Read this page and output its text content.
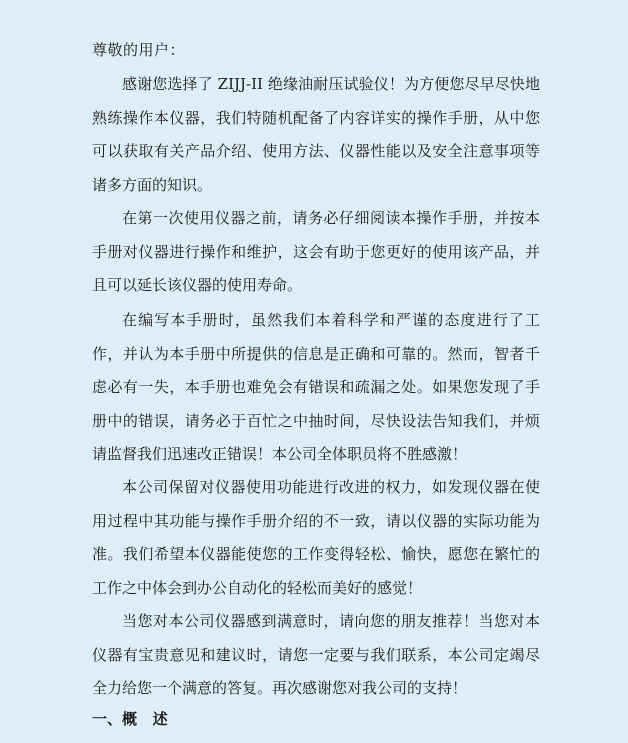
尊敬的用户：

感谢您选择了 ZIJJ-II 绝缘油耐压试验仪！为方便您尽早尽快地熟练操作本仪器，我们特随机配备了内容详实的操作手册，从中您可以获取有关产品介绍、使用方法、仪器性能以及安全注意事项等诸多方面的知识。

在第一次使用仪器之前，请务必仔细阅读本操作手册，并按本手册对仪器进行操作和维护，这会有助于您更好的使用该产品，并且可以延长该仪器的使用寿命。

在编写本手册时，虽然我们本着科学和严谨的态度进行了工作，并认为本手册中所提供的信息是正确和可靠的。然而，智者千虑必有一失，本手册也难免会有错误和疏漏之处。如果您发现了手册中的错误，请务必于百忙之中抽时间，尽快设法告知我们，并烦请监督我们迅速改正错误！本公司全体职员将不胜感激！

本公司保留对仪器使用功能进行改进的权力，如发现仪器在使用过程中其功能与操作手册介绍的不一致，请以仪器的实际功能为准。我们希望本仪器能使您的工作变得轻松、愉快，愿您在繁忙的工作之中体会到办公自动化的轻松而美好的感觉！

当您对本公司仪器感到满意时，请向您的朋友推荐！当您对本仪器有宝贵意见和建议时，请您一定要与我们联系，本公司定竭尽全力给您一个满意的答复。再次感谢您对我公司的支持！

一、概   述
